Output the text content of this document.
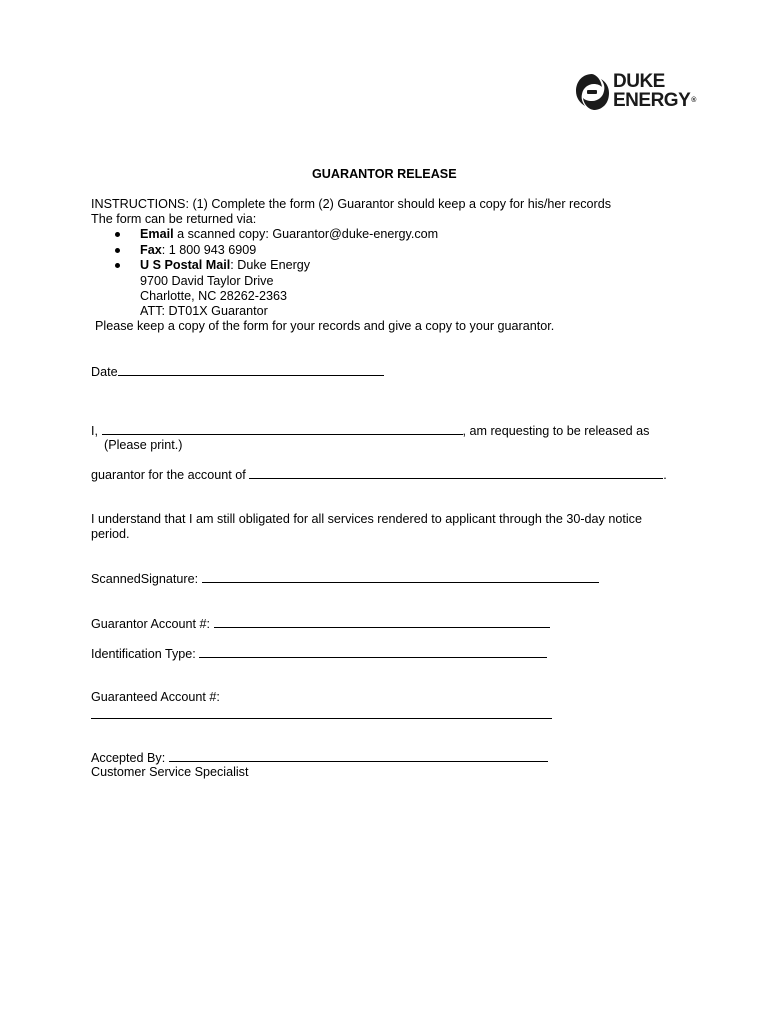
DUKE
ENERGY®
GUARANTOR RELEASE
INSTRUCTIONS: (1) Complete the form (2) Guarantor should keep a copy for his/her records
The form can be returned via:
Email a scanned copy: Guarantor@duke-energy.com
Fax: 1 800 943 6909
U S Postal Mail: Duke Energy
9700 David Taylor Drive
Charlotte, NC 28262-2363
ATT: DT01X Guarantor
Please keep a copy of the form for your records and give a copy to your guarantor.
Date
I,	, am requesting to be released as
(Please print.)
guarantor for the account of	.
I understand that I am still obligated for all services rendered to applicant through the 30-day notice
period.
ScannedSignature:
Guarantor Account #:
Identification Type:
Guaranteed Account #:
Accepted By:
Customer Service Specialist
